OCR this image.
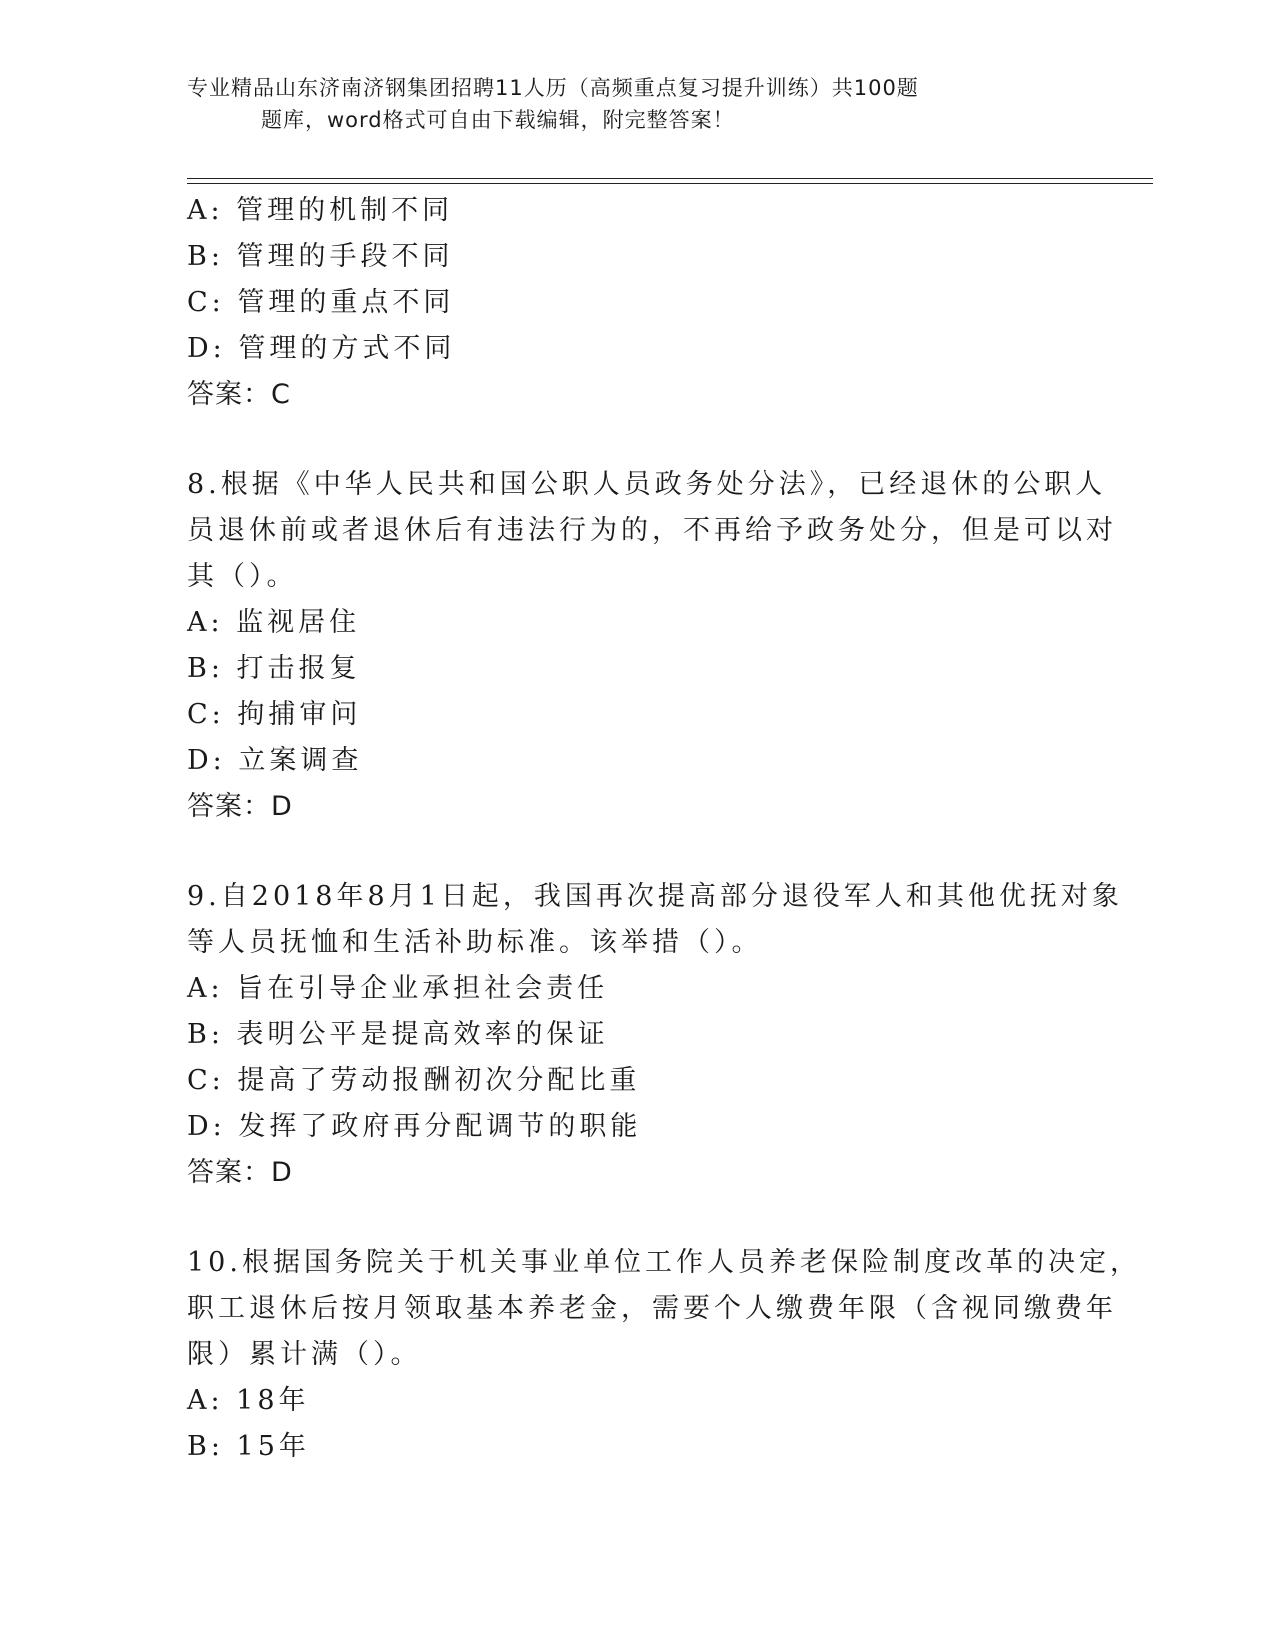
专业精品山东济南济钢集团招聘11人历（高频重点复习提升训练）共100题
题库，word格式可自由下载编辑，附完整答案！
A: 管理的机制不同
B: 管理的手段不同
C: 管理的重点不同
D: 管理的方式不同
答案：C
8.根据《中华人民共和国公职人员政务处分法》，已经退休的公职人
员退休前或者退休后有违法行为的，不再给予政务处分，但是可以对
其（）。
A: 监视居住
B: 打击报复
C: 拘捕审问
D: 立案调查
答案：D
9.自2018年8月1日起，我国再次提高部分退役军人和其他优抚对象
等人员抚恤和生活补助标准。该举措（）。
A: 旨在引导企业承担社会责任
B: 表明公平是提高效率的保证
C: 提高了劳动报酬初次分配比重
D: 发挥了政府再分配调节的职能
答案：D
10.根据国务院关于机关事业单位工作人员养老保险制度改革的决定，
职工退休后按月领取基本养老金，需要个人缴费年限（含视同缴费年
限）累计满（）。
A: 18年
B: 15年
